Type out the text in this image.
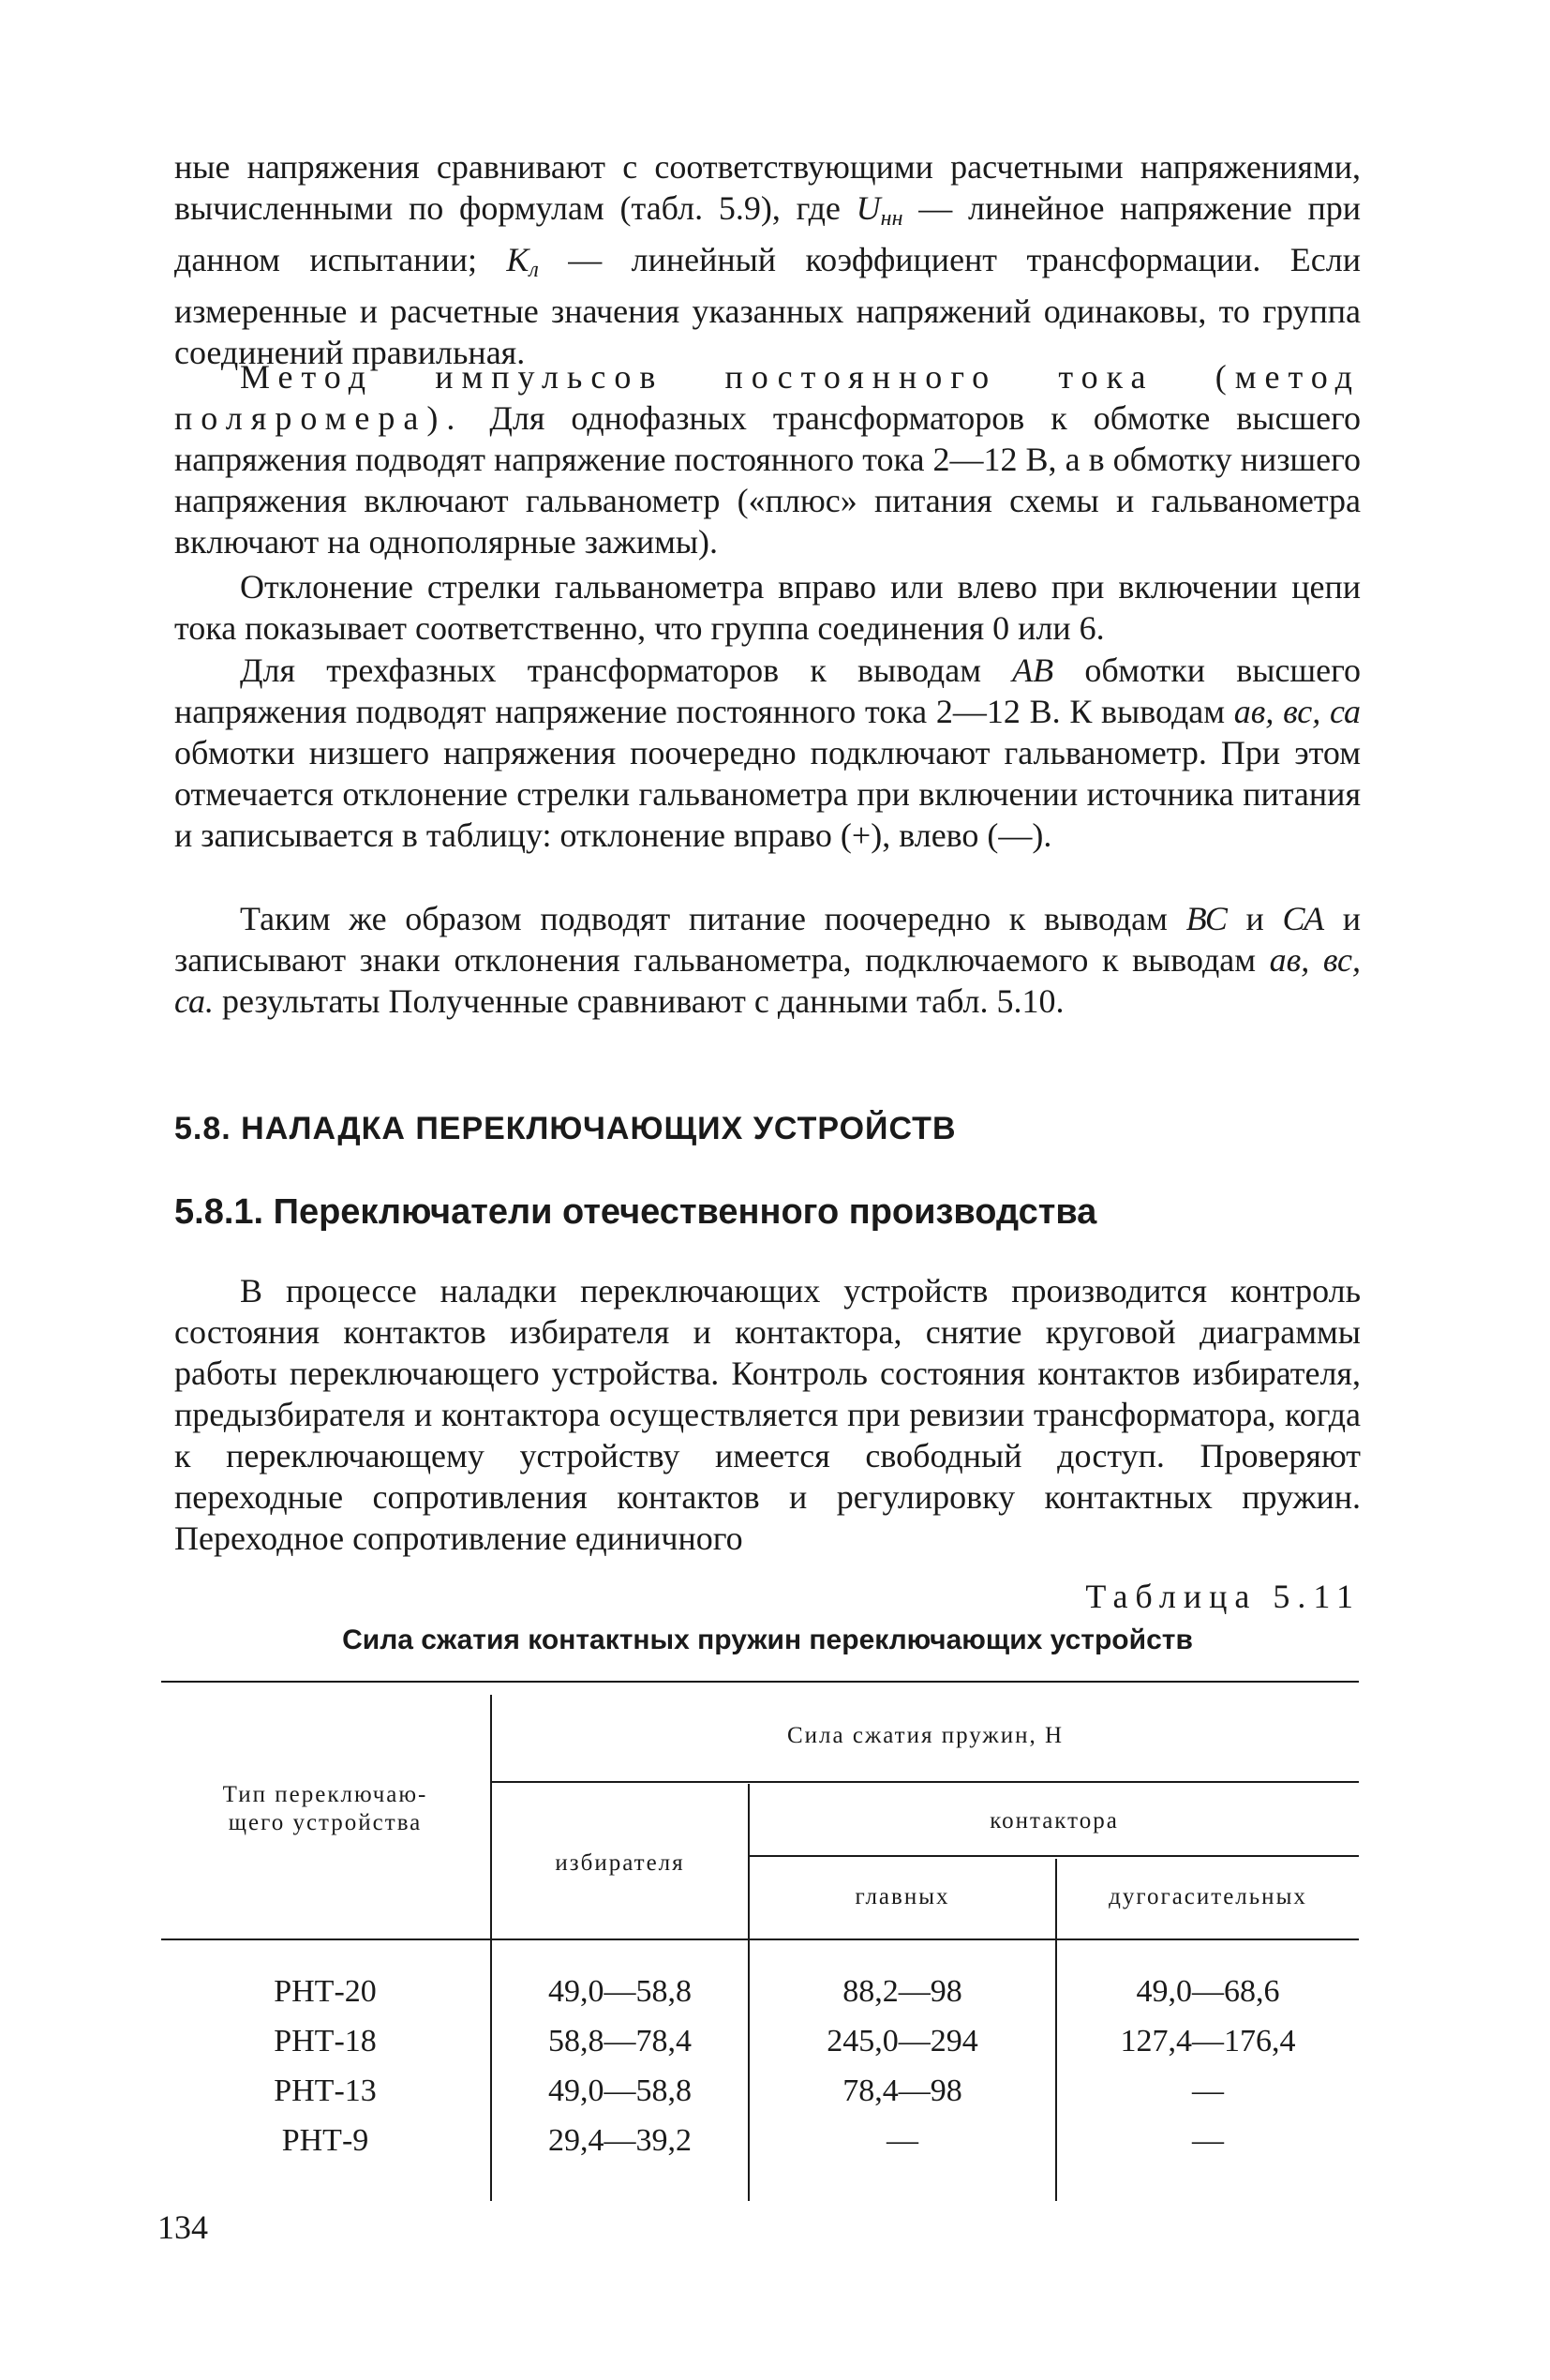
ные напряжения сравнивают с соответствующими расчетными напряжениями, вычисленными по формулам (табл. 5.9), где $U_{нн}$ — линейное напряжение при данном испытании; $К_л$ — линейный коэффициент трансформации. Если измеренные и расчетные значения указанных напряжений одинаковы, то группа соединений правильная.

Метод импульсов постоянного тока (метод поляромера). Для однофазных трансформаторов к обмотке высшего напряжения подводят напряжение постоянного тока 2—12 В, а в обмотку низшего напряжения включают гальванометр («плюс» питания схемы и гальванометра включают на однополярные зажимы).

Отклонение стрелки гальванометра вправо или влево при включении цепи тока показывает соответственно, что группа соединения 0 или 6.

Для трехфазных трансформаторов к выводам АВ обмотки высшего напряжения подводят напряжение постоянного тока 2—12 В. К выводам ав, вс, са обмотки низшего напряжения поочередно подключают гальванометр. При этом отмечается отклонение стрелки гальванометра при включении источника питания и записывается в таблицу: отклонение вправо (+), влево (—).

Таким же образом подводят питание поочередно к выводам ВС и СА и записывают знаки отклонения гальванометра, подключаемого к выводам ав, вс, са. результаты Полученные сравнивают с данными табл. 5.10.

5.8. НАЛАДКА ПЕРЕКЛЮЧАЮЩИХ УСТРОЙСТВ
5.8.1. Переключатели отечественного производства

В процессе наладки переключающих устройств производится контроль состояния контактов избирателя и контактора, снятие круговой диаграммы работы переключающего устройства. Контроль состояния контактов избирателя, предызбирателя и контактора осуществляется при ревизии трансформатора, когда к переключающему устройству имеется свободный доступ. Проверяют переходные сопротивления контактов и регулировку контактных пружин. Переходное сопротивление единичного

Таблица 5.11
Сила сжатия контактных пружин переключающих устройств
Тип переключаю-
щего устройства
Сила сжатия пружин, Н
избирателя
контактора
главных	дугогасительных
РНТ-20	49,0—58,8	88,2—98	49,0—68,6
РНТ-18	58,8—78,4	245,0—294	127,4—176,4
РНТ-13	49,0—58,8	78,4—98	—
РНТ-9	29,4—39,2	—	—
134
